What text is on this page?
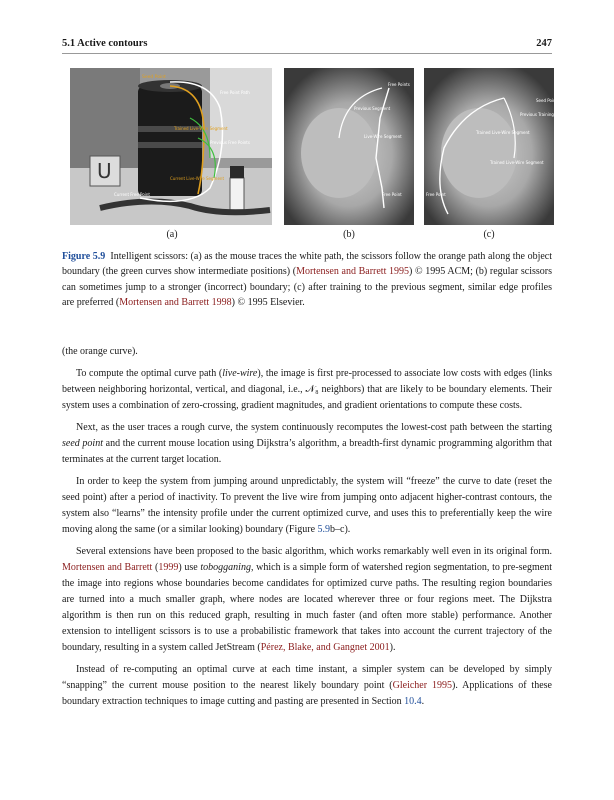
5.1 Active contours	247
U
Seed Point
Free Point Path
Trained Live-Wire Segment
Previous Free Points
Current Live-Wire Segment
Current Free Point
Free Points
Previous Segment
Live-Wire Segment
Free Point
Seed Point
Previous Training Segment
Trained Live-Wire Segment
Trained Live-Wire Segment
Free Point
(a)	(b)	(c)
Figure 5.9 Intelligent scissors: (a) as the mouse traces the white path, the scissors follow the orange path along the object boundary (the green curves show intermediate positions) (Mortensen and Barrett 1995) © 1995 ACM; (b) regular scissors can sometimes jump to a stronger (incorrect) boundary; (c) after training to the previous segment, similar edge profiles are preferred (Mortensen and Barrett 1998) © 1995 Elsevier.

(the orange curve).

To compute the optimal curve path (live-wire), the image is first pre-processed to associate low costs with edges (links between neighboring horizontal, vertical, and diagonal, i.e., 𝒩₈ neighbors) that are likely to be boundary elements. Their system uses a combination of zero-crossing, gradient magnitudes, and gradient orientations to compute these costs.

Next, as the user traces a rough curve, the system continuously recomputes the lowest-cost path between the starting seed point and the current mouse location using Dijkstra’s algorithm, a breadth-first dynamic programming algorithm that terminates at the current target location.

In order to keep the system from jumping around unpredictably, the system will “freeze” the curve to date (reset the seed point) after a period of inactivity. To prevent the live wire from jumping onto adjacent higher-contrast contours, the system also “learns” the intensity profile under the current optimized curve, and uses this to preferentially keep the wire moving along the same (or a similar looking) boundary (Figure 5.9b–c).

Several extensions have been proposed to the basic algorithm, which works remarkably well even in its original form. Mortensen and Barrett (1999) use tobogganing, which is a simple form of watershed region segmentation, to pre-segment the image into regions whose boundaries become candidates for optimized curve paths. The resulting region boundaries are turned into a much smaller graph, where nodes are located wherever three or four regions meet. The Dijkstra algorithm is then run on this reduced graph, resulting in much faster (and often more stable) performance. Another extension to intelligent scissors is to use a probabilistic framework that takes into account the current trajectory of the boundary, resulting in a system called JetStream (Pérez, Blake, and Gangnet 2001).

Instead of re-computing an optimal curve at each time instant, a simpler system can be developed by simply “snapping” the current mouse position to the nearest likely boundary point (Gleicher 1995). Applications of these boundary extraction techniques to image cutting and pasting are presented in Section 10.4.
